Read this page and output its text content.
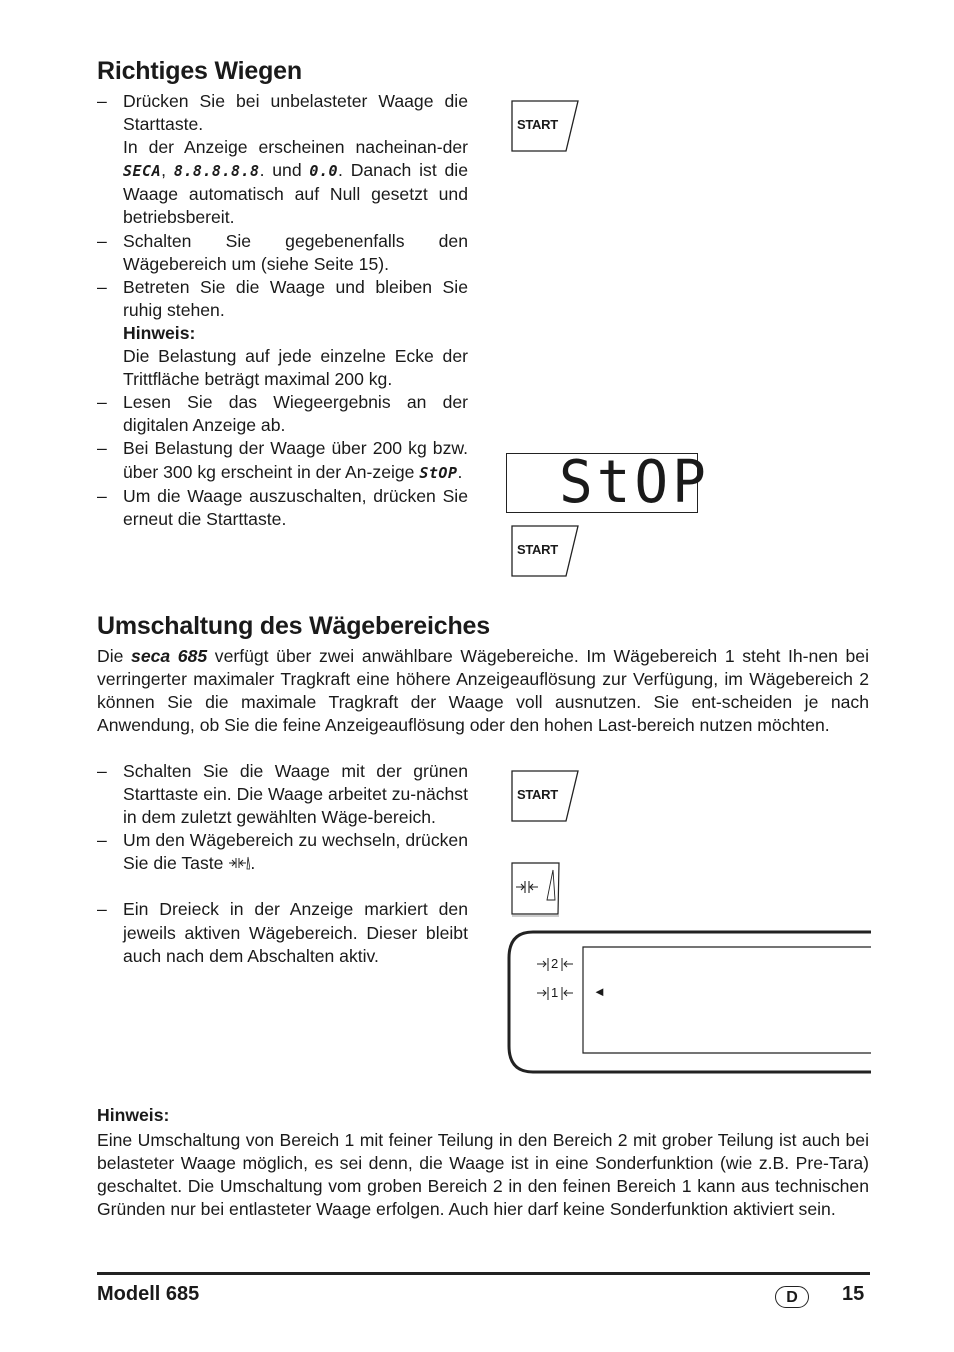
Richtiges Wiegen
– Drücken Sie bei unbelasteter Waage die Starttaste.
In der Anzeige erscheinen nacheinan-der SECA, 8.8.8.8.8. und 0.0. Danach ist die Waage automatisch auf Null gesetzt und betriebsbereit.
– Schalten Sie gegebenenfalls den Wägebereich um (siehe Seite 15).
– Betreten Sie die Waage und bleiben Sie ruhig stehen.
Hinweis:
Die Belastung auf jede einzelne Ecke der Trittfläche beträgt maximal 200 kg.
– Lesen Sie das Wiegeergebnis an der digitalen Anzeige ab.
– Bei Belastung der Waage über 200 kg bzw. über 300 kg erscheint in der An-zeige StOP.
– Um die Waage auszuschalten, drücken Sie erneut die Starttaste.
START
StOP
START
Umschaltung des Wägebereiches
Die seca 685 verfügt über zwei anwählbare Wägebereiche. Im Wägebereich 1 steht Ih-nen bei verringerter maximaler Tragkraft eine höhere Anzeigeauflösung zur Verfügung, im Wägebereich 2 können Sie die maximale Tragkraft der Waage voll ausnutzen. Sie ent-scheiden je nach Anwendung, ob Sie die feine Anzeigeauflösung oder den hohen Last-bereich nutzen möchten.
– Schalten Sie die Waage mit der grünen Starttaste ein. Die Waage arbeitet zu-nächst in dem zuletzt gewählten Wäge-bereich.
– Um den Wägebereich zu wechseln, drücken Sie die Taste .
– Ein Dreieck in der Anzeige markiert den jeweils aktiven Wägebereich. Dieser bleibt auch nach dem Abschalten aktiv.
START
2
1	◄
Hinweis:
Eine Umschaltung von Bereich 1 mit feiner Teilung in den Bereich 2 mit grober Teilung ist auch bei belasteter Waage möglich, es sei denn, die Waage ist in eine Sonderfunktion (wie z.B. Pre-Tara) geschaltet. Die Umschaltung vom groben Bereich 2 in den feinen Bereich 1 kann aus technischen Gründen nur bei entlasteter Waage erfolgen. Auch hier darf keine Sonderfunktion aktiviert sein.
Modell 685	D	15
